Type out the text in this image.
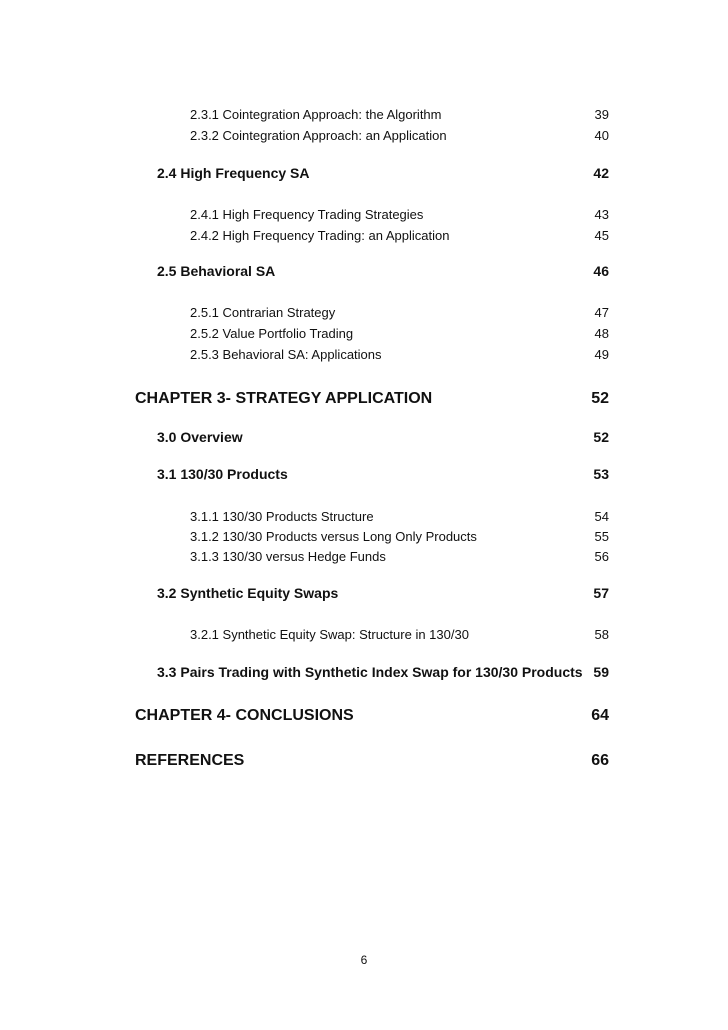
2.3.1 Cointegration Approach: the Algorithm	39
2.3.2 Cointegration Approach: an Application	40
2.4 High Frequency SA	42
2.4.1 High Frequency Trading Strategies	43
2.4.2 High Frequency Trading: an Application	45
2.5 Behavioral SA	46
2.5.1 Contrarian Strategy	47
2.5.2 Value Portfolio Trading	48
2.5.3 Behavioral SA: Applications	49
CHAPTER 3- STRATEGY APPLICATION	52
3.0 Overview	52
3.1 130/30 Products	53
3.1.1 130/30 Products Structure	54
3.1.2 130/30 Products versus Long Only Products	55
3.1.3 130/30 versus Hedge Funds	56
3.2 Synthetic Equity Swaps	57
3.2.1 Synthetic Equity Swap: Structure in 130/30	58
3.3 Pairs Trading with Synthetic Index Swap for 130/30 Products 59
CHAPTER 4- CONCLUSIONS	64
REFERENCES	66
6
